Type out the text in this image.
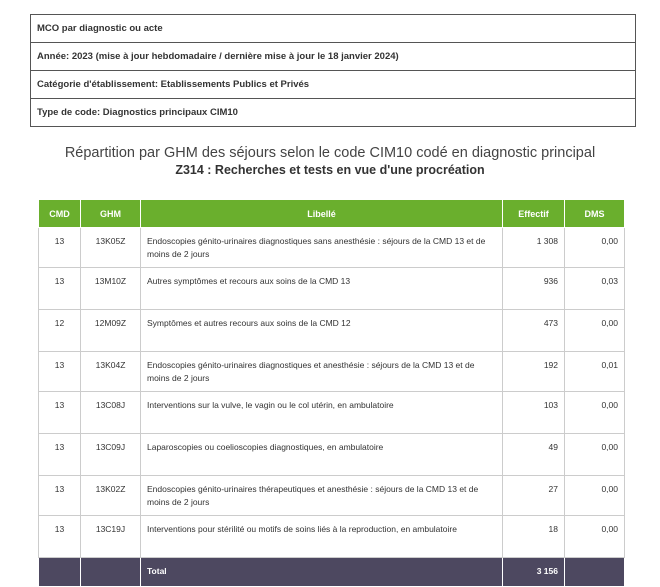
MCO par diagnostic ou acte
Année: 2023 (mise à jour hebdomadaire / dernière mise à jour le 18 janvier 2024)
Catégorie d'établissement: Etablissements Publics et Privés
Type de code: Diagnostics principaux CIM10
Répartition par GHM des séjours selon le code CIM10 codé en diagnostic principal
Z314 : Recherches et tests en vue d'une procréation
CMD	GHM	Libellé	Effectif	DMS
13	13K05Z	Endoscopies génito-urinaires diagnostiques sans anesthésie : séjours de la CMD 13 et de moins de 2 jours	1 308	0,00
13	13M10Z	Autres symptômes et recours aux soins de la CMD 13	936	0,03
12	12M09Z	Symptômes et autres recours aux soins de la CMD 12	473	0,00
13	13K04Z	Endoscopies génito-urinaires diagnostiques et anesthésie : séjours de la CMD 13 et de moins de 2 jours	192	0,01
13	13C08J	Interventions sur la vulve, le vagin ou le col utérin, en ambulatoire	103	0,00
13	13C09J	Laparoscopies ou coelioscopies diagnostiques, en ambulatoire	49	0,00
13	13K02Z	Endoscopies génito-urinaires thérapeutiques et anesthésie : séjours de la CMD 13 et de moins de 2 jours	27	0,00
13	13C19J	Interventions pour stérilité ou motifs de soins liés à la reproduction, en ambulatoire	18	0,00
		Total	3 156	
